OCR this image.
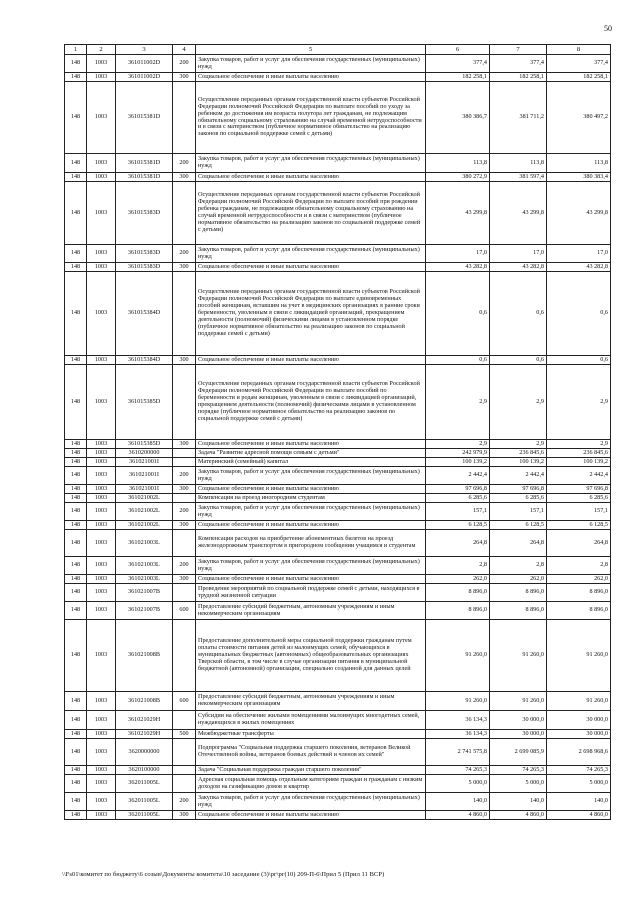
50
1	2	3	4	5	6	7	8
148	1003	361011002D	200	Закупка товаров, работ и услуг для обеспечения государственных (муниципальных) нужд	377,4	377,4	377,4
148	1003	361011002D	300	Социальное обеспечение и иные выплаты населению	182 258,1	182 258,1	182 258,1
148	1003	361015381D		Осуществление переданных органам государственной власти субъектов Российской Федерации полномочий Российской Федерации по выплате пособий по уходу за ребенком до достижения им возраста полутора лет гражданам, не подлежащим обязательному социальному страхованию на случай временной нетрудоспособности и в связи с материнством (публичное нормативное обязательство на реализацию законов по социальной поддержке семей с детьми)	380 386,7	381 711,2	380 497,2
148	1003	361015381D	200	Закупка товаров, работ и услуг для обеспечения государственных (муниципальных) нужд	113,8	113,8	113,8
148	1003	361015381D	300	Социальное обеспечение и иные выплаты населению	380 272,9	381 597,4	380 383,4
148	1003	361015383D		Осуществление переданных органам государственной власти субъектов Российской Федерации полномочий Российской Федерации по выплате пособий при рождении ребенка гражданам, не подлежащим обязательному социальному страхованию на случай временной нетрудоспособности и в связи с материнством (публичное нормативное обязательство на реализацию законов по социальной поддержке семей с детьми)	43 299,8	43 299,8	43 299,8
148	1003	361015383D	200	Закупка товаров, работ и услуг для обеспечения государственных (муниципальных) нужд	17,0	17,0	17,0
148	1003	361015383D	300	Социальное обеспечение и иные выплаты населению	43 282,8	43 282,8	43 282,8
148	1003	361015384D		Осуществление переданных органам государственной власти субъектов Российской Федерации полномочий Российской Федерации по выплате единовременных пособий женщинам, вставшим на учет в медицинских организациях в ранние сроки беременности, уволенным в связи с ликвидацией организаций, прекращением деятельности (полномочий) физическими лицами в установленном порядке (публичное нормативное обязательство на реализацию законов по социальной поддержке семей с детьми)	0,6	0,6	0,6
148	1003	361015384D	300	Социальное обеспечение и иные выплаты населению	0,6	0,6	0,6
148	1003	361015385D		Осуществление переданных органам государственной власти субъектов Российской Федерации полномочий Российской Федерации по выплате пособий по беременности и родам женщинам, уволенным в связи с ликвидацией организаций, прекращением деятельности (полномочий) физическими лицами в установленном порядке (публичное нормативное обязательство на реализацию законов по социальной поддержке семей с детьми)	2,9	2,9	2,9
148	1003	361015385D	300	Социальное обеспечение и иные выплаты населению	2,9	2,9	2,9
148	1003	3610200000		Задача "Развитие адресной помощи семьям с детьми"	242 979,9	236 845,6	236 845,6
148	1003	361021001I		Материнский (семейный) капитал	100 139,2	100 139,2	100 139,2
148	1003	361021001I	200	Закупка товаров, работ и услуг для обеспечения государственных (муниципальных) нужд	2 442,4	2 442,4	2 442,4
148	1003	361021001I	300	Социальное обеспечение и иные выплаты населению	97 696,8	97 696,8	97 696,8
148	1003	361021002L		Компенсация на проезд иногородним студентам	6 285,6	6 285,6	6 285,6
148	1003	361021002L	200	Закупка товаров, работ и услуг для обеспечения государственных (муниципальных) нужд	157,1	157,1	157,1
148	1003	361021002L	300	Социальное обеспечение и иные выплаты населению	6 128,5	6 128,5	6 128,5
148	1003	361021003L		Компенсация расходов на приобретение абонементных билетов на проезд железнодорожным транспортом в пригородном сообщении учащимся и студентам	264,8	264,8	264,8
148	1003	361021003L	200	Закупка товаров, работ и услуг для обеспечения государственных (муниципальных) нужд	2,8	2,8	2,8
148	1003	361021003L	300	Социальное обеспечение и иные выплаты населению	262,0	262,0	262,0
148	1003	361021007B		Проведение мероприятий по социальной поддержке семей с детьми, находящихся в трудной жизненной ситуации	8 896,0	8 896,0	8 896,0
148	1003	361021007B	600	Предоставление субсидий бюджетным, автономным учреждениям и иным некоммерческим организациям	8 896,0	8 896,0	8 896,0
148	1003	361021008B		Предоставление дополнительной меры социальной поддержки гражданам путем оплаты стоимости питания детей из малоимущих семей, обучающихся в муниципальных бюджетных (автономных) общеобразовательных организациях Тверской области, в том числе в случае организации питания в муниципальной бюджетной (автономной) организации, специально созданной для данных целей	91 260,0	91 260,0	91 260,0
148	1003	361021008B	600	Предоставление субсидий бюджетным, автономным учреждениям и иным некоммерческим организациям	91 260,0	91 260,0	91 260,0
148	1003	361021029H		Субсидии на обеспечение жилыми помещениями малоимущих многодетных семей, нуждающихся в жилых помещениях	36 134,3	30 000,0	30 000,0
148	1003	361021029H	500	Межбюджетные трансферты	36 134,3	30 000,0	30 000,0
148	1003	3620000000		Подпрограмма "Социальная поддержка старшего поколения, ветеранов Великой Отечественной войны, ветеранов боевых действий и членов их семей"	2 741 575,8	2 699 085,9	2 698 968,6
148	1003	3620100000		Задача "Социальная поддержка граждан старшего поколения"	74 265,3	74 265,3	74 265,3
148	1003	362011005L		Адресная социальная помощь отдельным категориям граждан и гражданам с низким доходом на газификацию домов и квартир	5 000,0	5 000,0	5 000,0
148	1003	362011005L	200	Закупка товаров, работ и услуг для обеспечения государственных (муниципальных) нужд	140,0	140,0	140,0
148	1003	362011005L	300	Социальное обеспечение и иные выплаты населению	4 860,0	4 860,0	4 860,0
\\Fs01\комитет по бюджету\6 созыв\Документы комитета\10 заседание (3)\рг\рг(10) 209-П-6\Прил 5 (Прил 11 ВСР)
